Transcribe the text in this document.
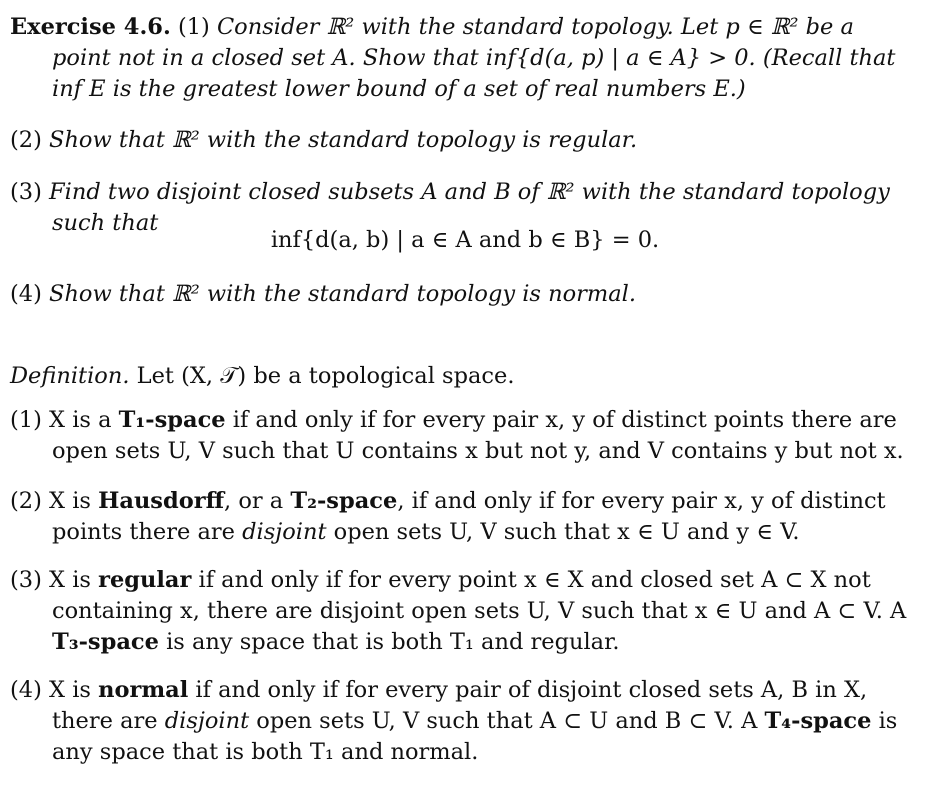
Exercise 4.6. (1) Consider ℝ² with the standard topology. Let p ∈ ℝ² be a point not in a closed set A. Show that inf{d(a, p) | a ∈ A} > 0. (Recall that inf E is the greatest lower bound of a set of real numbers E.)

(2) Show that ℝ² with the standard topology is regular.

(3) Find two disjoint closed subsets A and B of ℝ² with the standard topology such that

inf{d(a, b) | a ∈ A and b ∈ B} = 0.

(4) Show that ℝ² with the standard topology is normal.

Definition. Let (X, 𝒯) be a topological space.

(1) X is a T₁-space if and only if for every pair x, y of distinct points there are open sets U, V such that U contains x but not y, and V contains y but not x.

(2) X is Hausdorff, or a T₂-space, if and only if for every pair x, y of distinct points there are disjoint open sets U, V such that x ∈ U and y ∈ V.

(3) X is regular if and only if for every point x ∈ X and closed set A ⊂ X not containing x, there are disjoint open sets U, V such that x ∈ U and A ⊂ V. A T₃-space is any space that is both T₁ and regular.

(4) X is normal if and only if for every pair of disjoint closed sets A, B in X, there are disjoint open sets U, V such that A ⊂ U and B ⊂ V. A T₄-space is any space that is both T₁ and normal.
